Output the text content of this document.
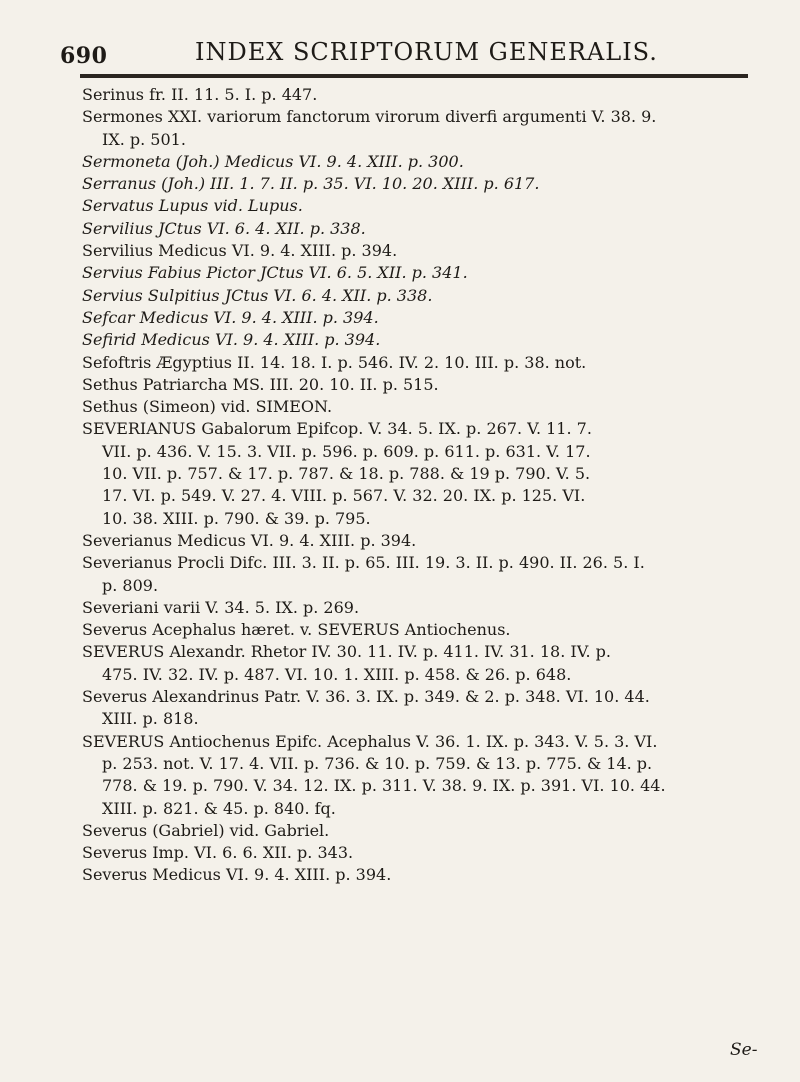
690	INDEX SCRIPTORUM GENERALIS.
Serinus fr. II. 11. 5. I. p. 447.
Sermones XXI. variorum fanctorum virorum diverfi argumenti V. 38. 9.
IX. p. 501.
Sermoneta (Joh.) Medicus VI. 9. 4. XIII. p. 300.
Serranus (Joh.) III. 1. 7. II. p. 35. VI. 10. 20. XIII. p. 617.
Servatus Lupus vid. Lupus.
Servilius JCtus VI. 6. 4. XII. p. 338.
Servilius Medicus VI. 9. 4. XIII. p. 394.
Servius Fabius Pictor JCtus VI. 6. 5. XII. p. 341.
Servius Sulpitius JCtus VI. 6. 4. XII. p. 338.
Sefcar Medicus VI. 9. 4. XIII. p. 394.
Sefirid Medicus VI. 9. 4. XIII. p. 394.
Sefoftris Ægyptius II. 14. 18. I. p. 546. IV. 2. 10. III. p. 38. not.
Sethus Patriarcha MS. III. 20. 10. II. p. 515.
Sethus (Simeon) vid. SIMEON.
SEVERIANUS Gabalorum Epifcop. V. 34. 5. IX. p. 267. V. 11. 7.
VII. p. 436. V. 15. 3. VII. p. 596. p. 609. p. 611. p. 631. V. 17.
10. VII. p. 757. & 17. p. 787. & 18. p. 788. & 19 p. 790. V. 5.
17. VI. p. 549. V. 27. 4. VIII. p. 567. V. 32. 20. IX. p. 125. VI.
10. 38. XIII. p. 790. & 39. p. 795.
Severianus Medicus VI. 9. 4. XIII. p. 394.
Severianus Procli Difc. III. 3. II. p. 65. III. 19. 3. II. p. 490. II. 26. 5. I.
p. 809.
Severiani varii V. 34. 5. IX. p. 269.
Severus Acephalus hæret. v. SEVERUS Antiochenus.
SEVERUS Alexandr. Rhetor IV. 30. 11. IV. p. 411. IV. 31. 18. IV. p.
475. IV. 32. IV. p. 487. VI. 10. 1. XIII. p. 458. & 26. p. 648.
Severus Alexandrinus Patr. V. 36. 3. IX. p. 349. & 2. p. 348. VI. 10. 44.
XIII. p. 818.
SEVERUS Antiochenus Epifc. Acephalus V. 36. 1. IX. p. 343. V. 5. 3. VI.
p. 253. not. V. 17. 4. VII. p. 736. & 10. p. 759. & 13. p. 775. & 14. p.
778. & 19. p. 790. V. 34. 12. IX. p. 311. V. 38. 9. IX. p. 391. VI. 10. 44.
XIII. p. 821. & 45. p. 840. fq.
Severus (Gabriel) vid. Gabriel.
Severus Imp. VI. 6. 6. XII. p. 343.
Severus Medicus VI. 9. 4. XIII. p. 394.
Se-
